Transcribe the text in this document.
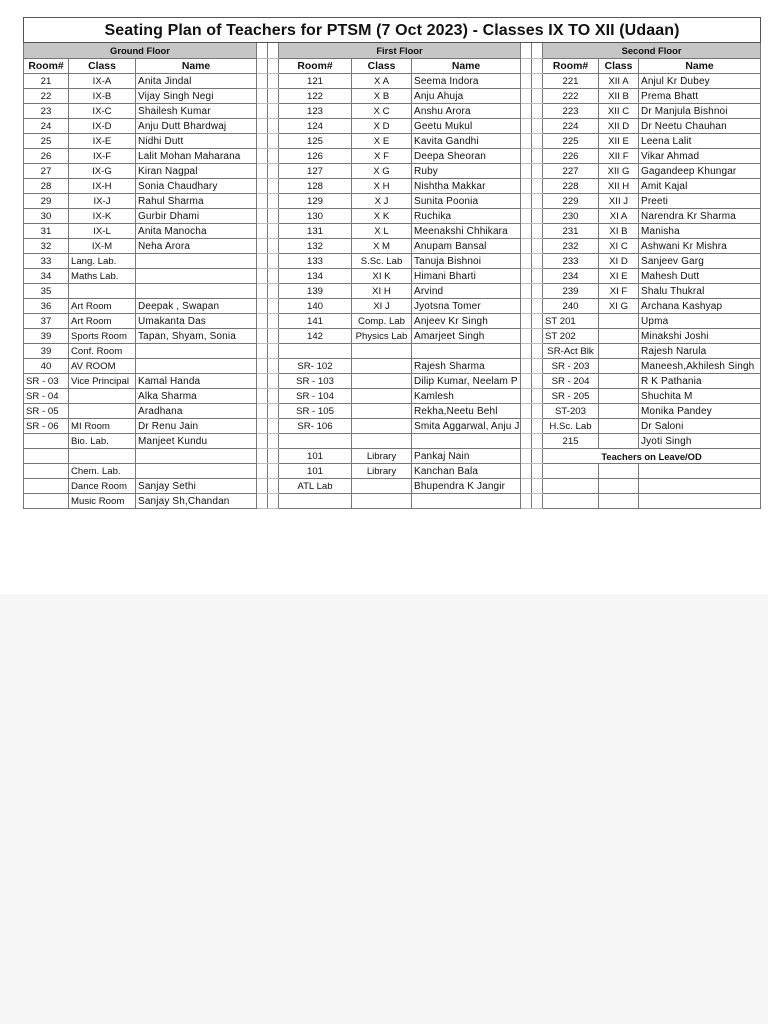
Seating Plan of Teachers for PTSM (7 Oct 2023) - Classes IX TO XII (Udaan)												
Ground Floor					First Floor					Second Floor		
Room#	Class	Name			Room#	Class	Name			Room#	Class	Name
21	IX-A	Anita Jindal			121	X A	Seema Indora			221	XII A	Anjul Kr Dubey
22	IX-B	Vijay Singh Negi			122	X B	Anju Ahuja			222	XII B	Prema Bhatt
23	IX-C	Shailesh Kumar			123	X C	Anshu Arora			223	XII C	Dr Manjula Bishnoi
24	IX-D	Anju Dutt Bhardwaj			124	X D	Geetu Mukul			224	XII D	Dr Neetu Chauhan
25	IX-E	Nidhi Dutt			125	X E	Kavita Gandhi			225	XII E	Leena Lalit
26	IX-F	Lalit Mohan Maharana			126	X F	Deepa Sheoran			226	XII F	Vikar Ahmad
27	IX-G	Kiran Nagpal			127	X G	Ruby			227	XII G	Gagandeep Khungar
28	IX-H	Sonia Chaudhary			128	X H	Nishtha Makkar			228	XII H	Amit Kajal
29	IX-J	Rahul Sharma			129	X J	Sunita Poonia			229	XII J	Preeti
30	IX-K	Gurbir Dhami			130	X K	Ruchika			230	XI A	Narendra Kr Sharma
31	IX-L	Anita Manocha			131	X L	Meenakshi Chhikara			231	XI B	Manisha
32	IX-M	Neha Arora			132	X M	Anupam Bansal			232	XI C	Ashwani Kr Mishra
33	Lang. Lab.				133	S.Sc. Lab	Tanuja Bishnoi			233	XI D	Sanjeev Garg
34	Maths Lab.				134	XI K	Himani Bharti			234	XI E	Mahesh Dutt
35					139	XI H	Arvind			239	XI F	Shalu Thukral
36	Art Room	Deepak , Swapan			140	XI J	Jyotsna Tomer			240	XI G	Archana Kashyap
37	Art Room	Umakanta Das			141	Comp. Lab	Anjeev Kr Singh			ST 201		Upma
39	Sports Room	Tapan, Shyam, Sonia			142	Physics Lab	Amarjeet Singh			ST 202		Minakshi Joshi
39	Conf. Room									SR-Act Blk		Rajesh Narula
40	AV ROOM				SR- 102		Rajesh Sharma			SR - 203		Maneesh,Akhilesh Singh
SR - 03	Vice Principal	Kamal Handa			SR - 103		Dilip Kumar, Neelam P			SR - 204		R K Pathania
SR - 04		Alka Sharma			SR - 104		Kamlesh			SR - 205		Shuchita M
SR - 05		Aradhana			SR - 105		Rekha,Neetu Behl			ST-203		Monika Pandey
SR - 06	MI Room	Dr Renu Jain			SR- 106		Smita Aggarwal, Anju J			H.Sc. Lab		Dr Saloni
	Bio. Lab.	Manjeet Kundu								215		Jyoti Singh
					101	Library	Pankaj Nain			Teachers on Leave/OD		
	Chem. Lab.				101	Library	Kanchan Bala					
	Dance Room	Sanjay Sethi			ATL Lab		Bhupendra K Jangir					
	Music Room	Sanjay Sh,Chandan										
